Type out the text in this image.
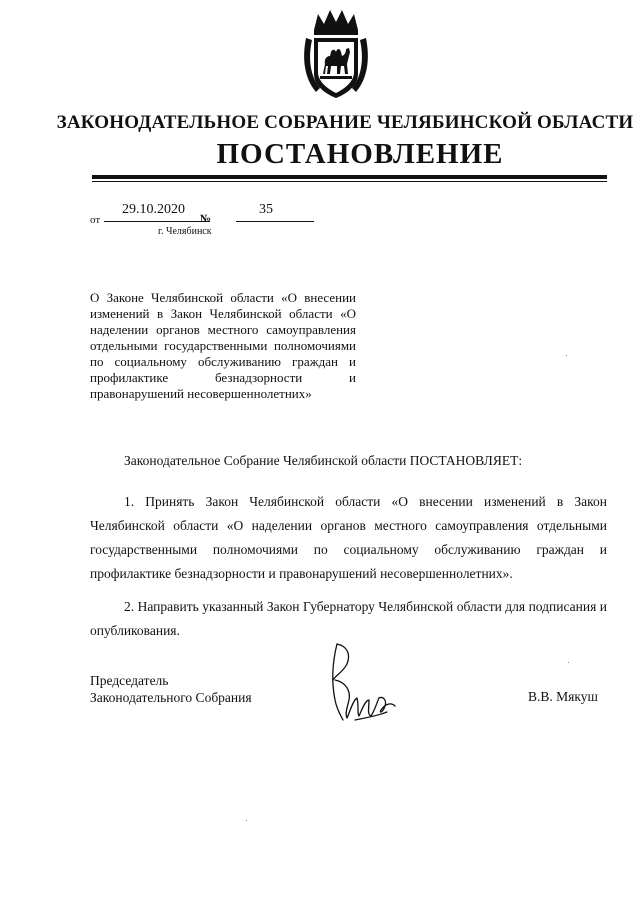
ЗАКОНОДАТЕЛЬНОЕ СОБРАНИЕ ЧЕЛЯБИНСКОЙ ОБЛАСТИ
ПОСТАНОВЛЕНИЕ
от
29.10.2020
№
35
г. Челябинск
О Законе Челябинской области «О внесении изменений в Закон Челябинской области «О наделении органов местного самоуправления отдельными государственными полномочиями по социальному обслуживанию граждан и профилактике безнадзорности и правонарушений несовершеннолетних»
Законодательное Собрание Челябинской области ПОСТАНОВЛЯЕТ:
1. Принять Закон Челябинской области «О внесении изменений в Закон Челябинской области «О наделении органов местного самоуправления отдельными государственными полномочиями по социальному обслуживанию граждан и профилактике безнадзорности и правонарушений несовершеннолетних».
2. Направить указанный Закон Губернатору Челябинской области для подписания и опубликования.
Председатель
Законодательного Собрания	В.В. Мякуш
